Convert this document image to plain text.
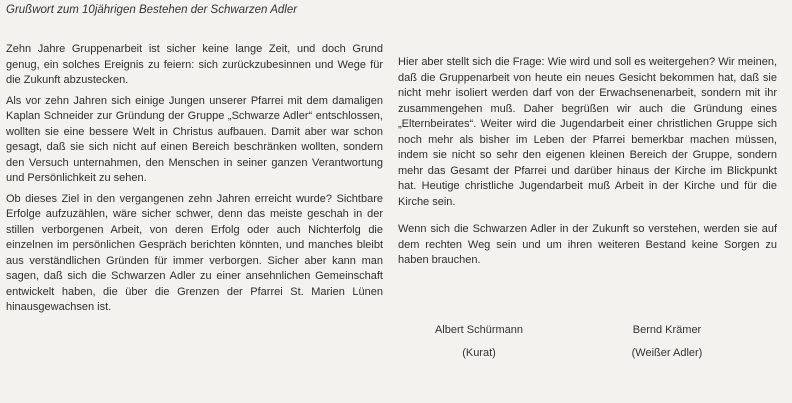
Grußwort zum 10jährigen Bestehen der Schwarzen Adler

Zehn Jahre Gruppenarbeit ist sicher keine lange Zeit, und doch Grund genug, ein solches Ereignis zu feiern: sich zurückzubesinnen und Wege für die Zukunft abzustecken.

Als vor zehn Jahren sich einige Jungen unserer Pfarrei mit dem damaligen Kaplan Schneider zur Gründung der Gruppe „Schwarze Adler“ entschlossen, wollten sie eine bessere Welt in Christus aufbauen. Damit aber war schon gesagt, daß sie sich nicht auf einen Bereich beschränken wollten, sondern den Versuch unternahmen, den Menschen in seiner ganzen Verantwortung und Persönlichkeit zu sehen.

Ob dieses Ziel in den vergangenen zehn Jahren erreicht wurde? Sichtbare Erfolge aufzuzählen, wäre sicher schwer, denn das meiste geschah in der stillen verborgenen Arbeit, von deren Erfolg oder auch Nichterfolg die einzelnen im persönlichen Gespräch berichten könnten, und manches bleibt aus verständlichen Gründen für immer verborgen. Sicher aber kann man sagen, daß sich die Schwarzen Adler zu einer ansehnlichen Gemeinschaft entwickelt haben, die über die Grenzen der Pfarrei St. Marien Lünen hinausgewachsen ist.

Hier aber stellt sich die Frage: Wie wird und soll es weitergehen? Wir meinen, daß die Gruppenarbeit von heute ein neues Gesicht bekommen hat, daß sie nicht mehr isoliert werden darf von der Erwachsenenarbeit, sondern mit ihr zusammengehen muß. Daher begrüßen wir auch die Gründung eines „Elternbeirates“. Weiter wird die Jugendarbeit einer christlichen Gruppe sich noch mehr als bisher im Leben der Pfarrei bemerkbar machen müssen, indem sie nicht so sehr den eigenen kleinen Bereich der Gruppe, sondern mehr das Gesamt der Pfarrei und darüber hinaus der Kirche im Blickpunkt hat. Heutige christliche Jugendarbeit muß Arbeit in der Kirche und für die Kirche sein.

Wenn sich die Schwarzen Adler in der Zukunft so verstehen, werden sie auf dem rechten Weg sein und um ihren weiteren Bestand keine Sorgen zu haben brauchen.

Albert Schürmann
(Kurat)
Bernd Krämer
(Weißer Adler)
